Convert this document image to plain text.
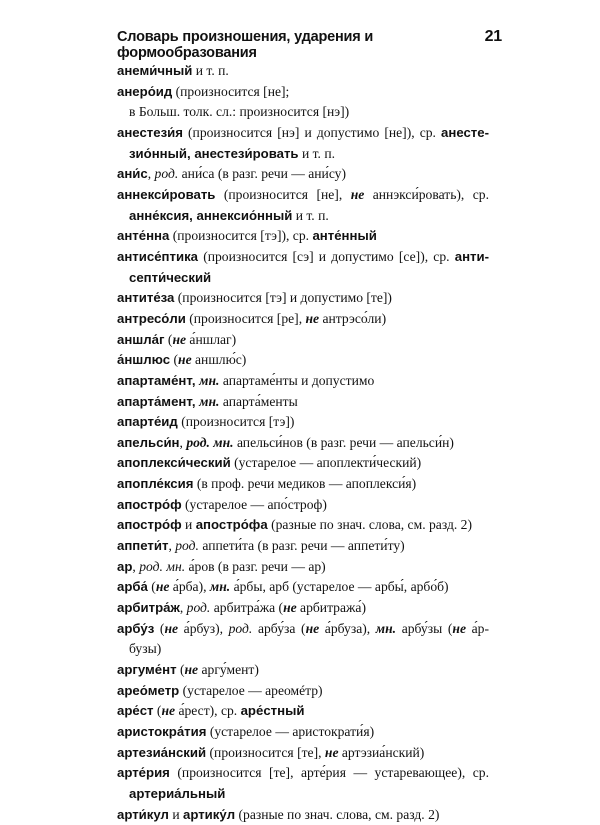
Словарь произношения, ударения и формообразования
21
анеми́чный и т. п.
анеро́ид (произносится [не];
в Больш. толк. сл.: произносится [нэ])
анестези́я (произносится [нэ] и допустимо [не]), ср. анесте-
зио́нный, анестези́ровать и т. п.
ани́с, род. ани́са (в разг. речи — ани́су)
аннекси́ровать (произносится [не], не аннэкси́ровать), ср.
анне́ксия, аннексио́нный и т. п.
анте́нна (произносится [тэ]), ср. анте́нный
антисе́птика (произносится [сэ] и допустимо [се]), ср. анти-
септи́ческий
антите́за (произносится [тэ] и допустимо [те])
антресо́ли (произносится [ре], не антрэсо́ли)
аншла́г (не а́ншлаг)
а́ншлюс (не аншлю́с)
апартаме́нт, мн. апартаме́нты и допустимо
апарта́мент, мн. апарта́менты
апарте́ид (произносится [тэ])
апельси́н, род. мн. апельси́нов (в разг. речи — апельси́н)
апоплекси́ческий (устарелое — апоплекти́ческий)
апопле́ксия (в проф. речи медиков — апоплекси́я)
апостро́ф (устарелое — апо́строф)
апостро́ф и апостро́фа (разные по знач. слова, см. разд. 2)
аппети́т, род. аппети́та (в разг. речи — аппети́ту)
ар, род. мн. а́ров (в разг. речи — ар)
арба́ (не а́рба), мн. а́рбы, арб (устарелое — арбы́, арбо́б)
арбитра́ж, род. арбитра́жа (не арбитража́)
арбу́з (не а́рбуз), род. арбу́за (не а́рбуза), мн. арбу́зы (не а́р-
бузы)
аргуме́нт (не аргу́мент)
арео́метр (устарелое — ареомéтр)
аре́ст (не а́рест), ср. аре́стный
аристокра́тия (устарелое — аристократи́я)
артезиа́нский (произносится [те], не артэзиа́нский)
арте́рия (произносится [те], арте́рия — устаревающее), ср.
артериа́льный
арти́кул и артику́л (разные по знач. слова, см. разд. 2)
